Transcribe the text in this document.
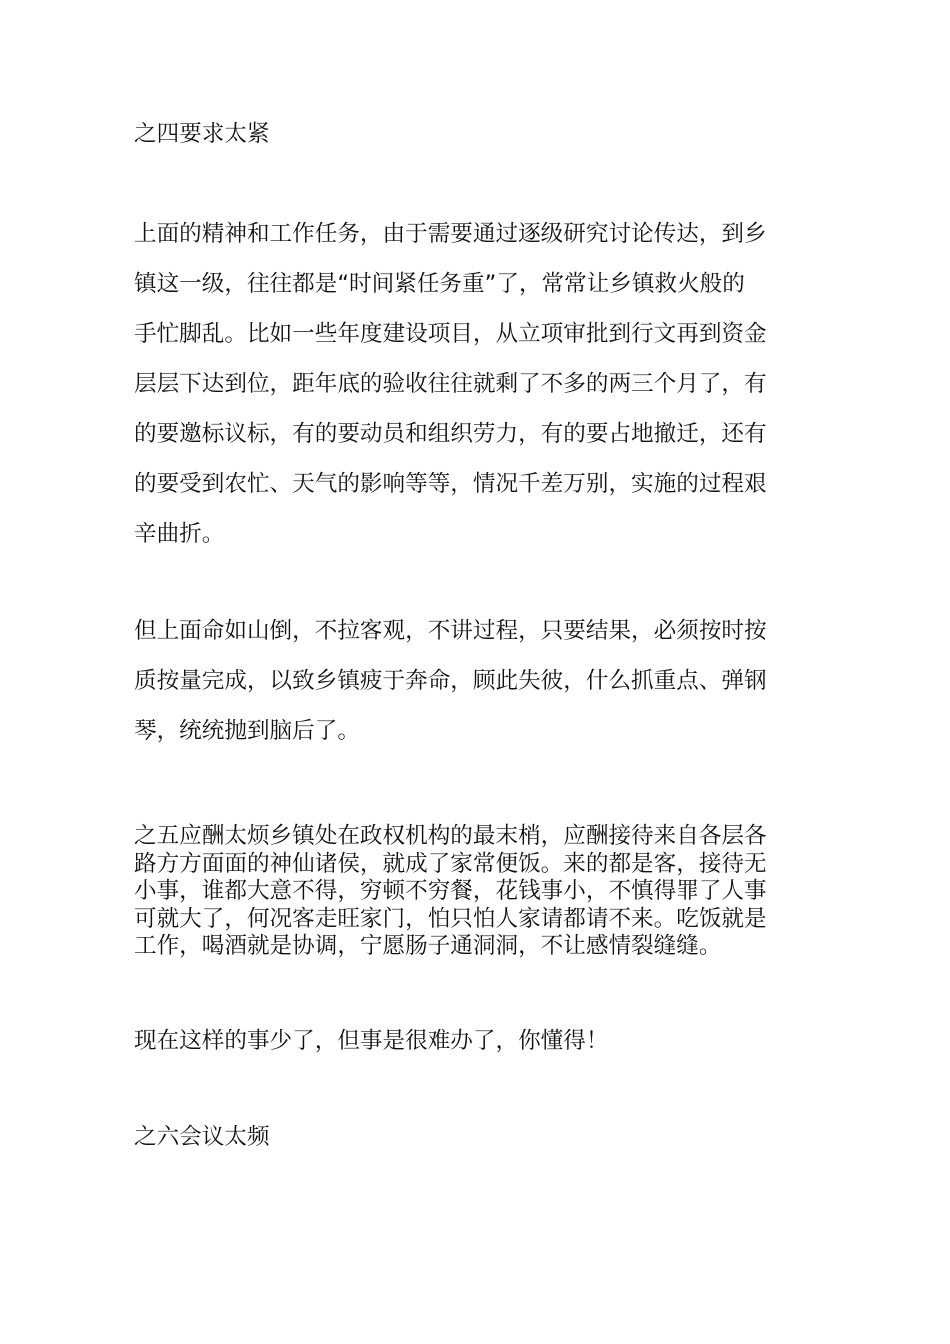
之四要求太紧
上面的精神和工作任务，由于需要通过逐级研究讨论传达，到乡
镇这一级，往往都是“时间紧任务重”了，常常让乡镇救火般的
手忙脚乱。比如一些年度建设项目，从立项审批到行文再到资金
层层下达到位，距年底的验收往往就剩了不多的两三个月了，有
的要邀标议标，有的要动员和组织劳力，有的要占地撤迁，还有
的要受到农忙、天气的影响等等，情况千差万别，实施的过程艰
辛曲折。
但上面命如山倒，不拉客观，不讲过程，只要结果，必须按时按
质按量完成，以致乡镇疲于奔命，顾此失彼，什么抓重点、弹钢
琴，统统抛到脑后了。
之五应酬太烦乡镇处在政权机构的最末梢，应酬接待来自各层各
路方方面面的神仙诸侯，就成了家常便饭。来的都是客，接待无
小事，谁都大意不得，穷顿不穷餐，花钱事小，不慎得罪了人事
可就大了，何况客走旺家门，怕只怕人家请都请不来。吃饭就是
工作，喝酒就是协调，宁愿肠子通洞洞，不让感情裂缝缝。
现在这样的事少了，但事是很难办了，你懂得！
之六会议太频
